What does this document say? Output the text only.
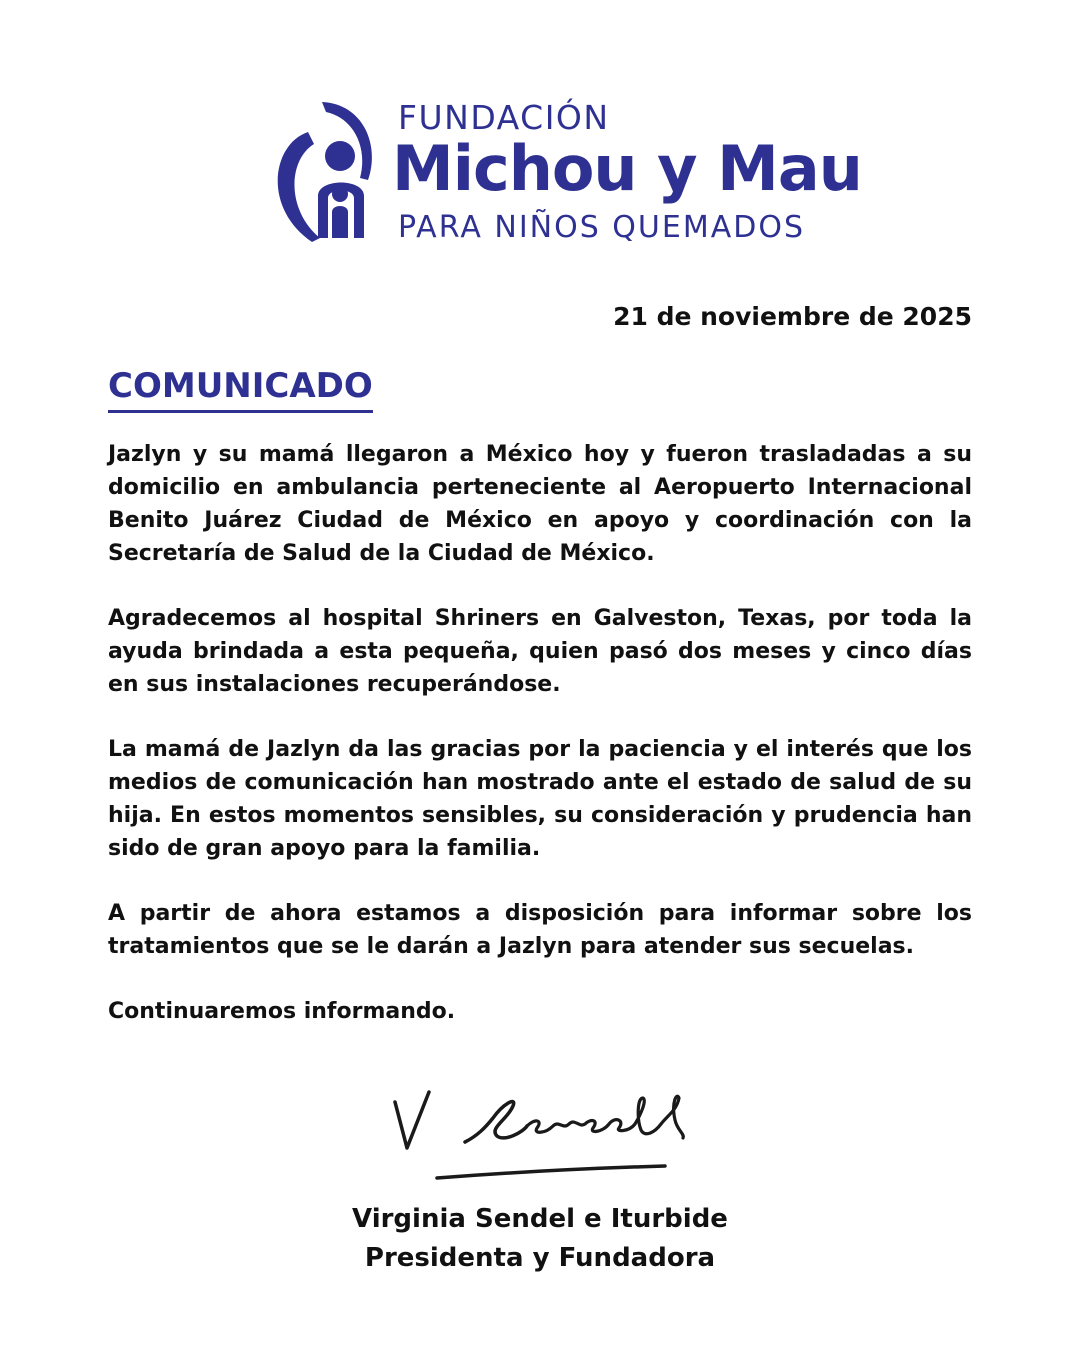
FUNDACIÓN
Michou y Mau
PARA NIÑOS QUEMADOS
21 de noviembre de 2025
COMUNICADO

Jazlyn y su mamá llegaron a México hoy y fueron trasladadas a su domicilio en ambulancia perteneciente al Aeropuerto Internacional Benito Juárez Ciudad de México en apoyo y coordinación con la Secretaría de Salud de la Ciudad de México.

Agradecemos al hospital Shriners en Galveston, Texas, por toda la ayuda brindada a esta pequeña, quien pasó dos meses y cinco días en sus instalaciones recuperándose.

La mamá de Jazlyn da las gracias por la paciencia y el interés que los medios de comunicación han mostrado ante el estado de salud de su hija. En estos momentos sensibles, su consideración y prudencia han sido de gran apoyo para la familia.

A partir de ahora estamos a disposición para informar sobre los tratamientos que se le darán a Jazlyn para atender sus secuelas.

Continuaremos informando.

Virginia Sendel e Iturbide
Presidenta y Fundadora
